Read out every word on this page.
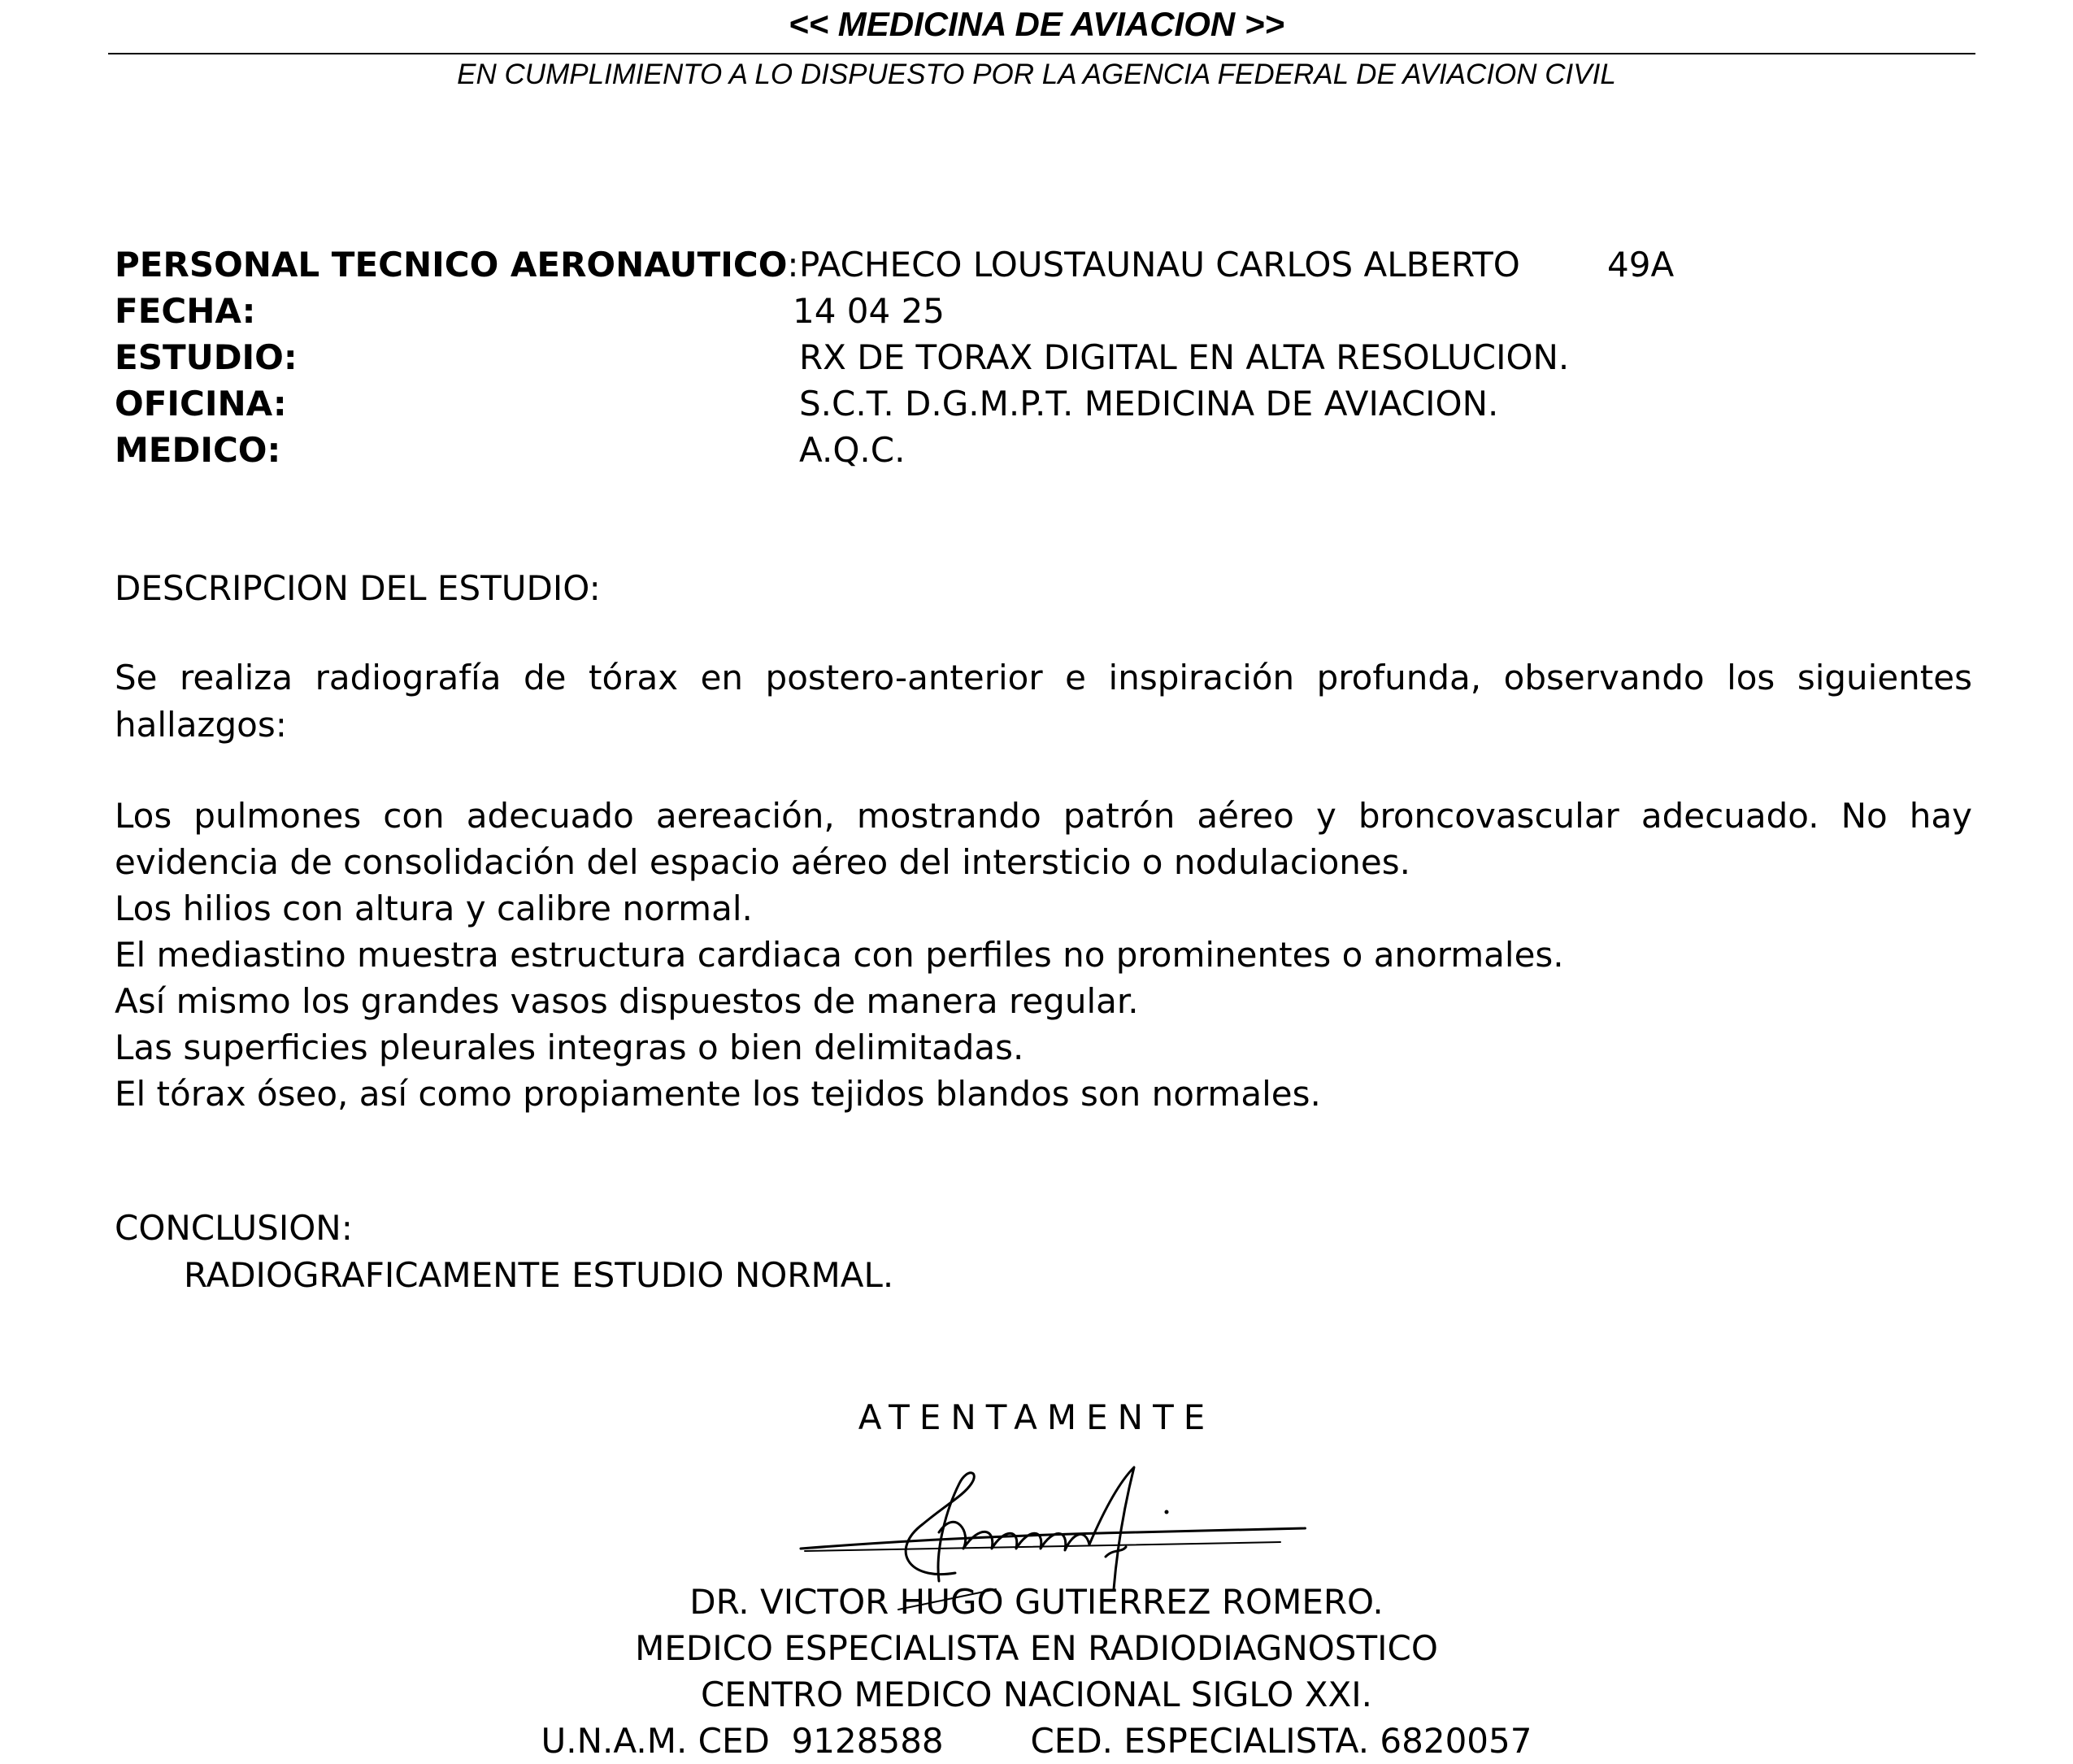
<< MEDICINA DE AVIACION >>
EN CUMPLIMIENTO A LO DISPUESTO POR LA AGENCIA FEDERAL DE AVIACION CIVIL
PERSONAL TECNICO AERONAUTICO: PACHECO LOUSTAUNAU CARLOS ALBERTO	49A
FECHA:	14 04 25
ESTUDIO:	RX DE TORAX DIGITAL EN ALTA RESOLUCION.
OFICINA:	S.C.T. D.G.M.P.T. MEDICINA DE AVIACION.
MEDICO:	A.Q.C.
DESCRIPCION DEL ESTUDIO:
Se realiza radiografía de tórax en postero-anterior e inspiración profunda, observando los siguientes hallazgos:

Los pulmones con adecuado aereación, mostrando patrón aéreo y broncovascular adecuado. No hay evidencia de consolidación del espacio aéreo del intersticio o nodulaciones.

Los hilios con altura y calibre normal.

El mediastino muestra estructura cardiaca con perfiles no prominentes o anormales.

Así mismo los grandes vasos dispuestos de manera regular.

Las superficies pleurales integras o bien delimitadas.

El tórax óseo, así como propiamente los tejidos blandos son normales.

CONCLUSION:
RADIOGRAFICAMENTE ESTUDIO NORMAL.
ATENTAMENTE

DR. VICTOR HUGO GUTIERREZ ROMERO.

MEDICO ESPECIALISTA EN RADIODIAGNOSTICO

CENTRO MEDICO NACIONAL SIGLO XXI.

U.N.A.M. CED  9128588	CED. ESPECIALISTA. 6820057
